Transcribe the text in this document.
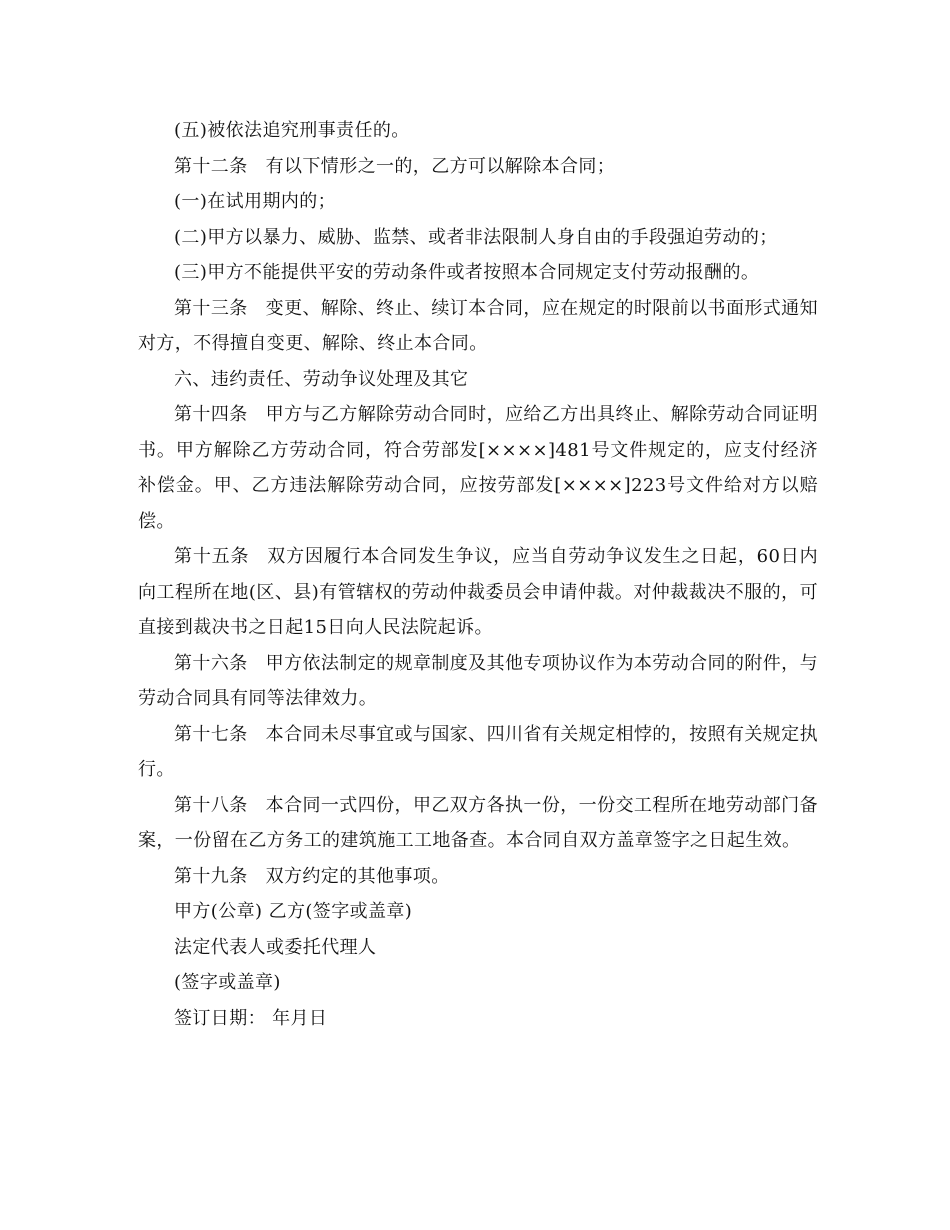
(五)被依法追究刑事责任的。

第十二条 有以下情形之一的，乙方可以解除本合同；

(一)在试用期内的；

(二)甲方以暴力、威胁、监禁、或者非法限制人身自由的手段强迫劳动的；

(三)甲方不能提供平安的劳动条件或者按照本合同规定支付劳动报酬的。

第十三条 变更、解除、终止、续订本合同，应在规定的时限前以书面形式通知对方，不得擅自变更、解除、终止本合同。

六、违约责任、劳动争议处理及其它

第十四条 甲方与乙方解除劳动合同时，应给乙方出具终止、解除劳动合同证明书。甲方解除乙方劳动合同，符合劳部发[××××]481号文件规定的，应支付经济补偿金。甲、乙方违法解除劳动合同，应按劳部发[××××]223号文件给对方以赔偿。

第十五条 双方因履行本合同发生争议，应当自劳动争议发生之日起，60日内向工程所在地(区、县)有管辖权的劳动仲裁委员会申请仲裁。对仲裁裁决不服的，可直接到裁决书之日起15日向人民法院起诉。

第十六条 甲方依法制定的规章制度及其他专项协议作为本劳动合同的附件，与劳动合同具有同等法律效力。

第十七条 本合同未尽事宜或与国家、四川省有关规定相悖的，按照有关规定执行。

第十八条 本合同一式四份，甲乙双方各执一份，一份交工程所在地劳动部门备案，一份留在乙方务工的建筑施工工地备查。本合同自双方盖章签字之日起生效。

第十九条 双方约定的其他事项。

甲方(公章) 乙方(签字或盖章)

法定代表人或委托代理人

(签字或盖章)

签订日期： 年月日
